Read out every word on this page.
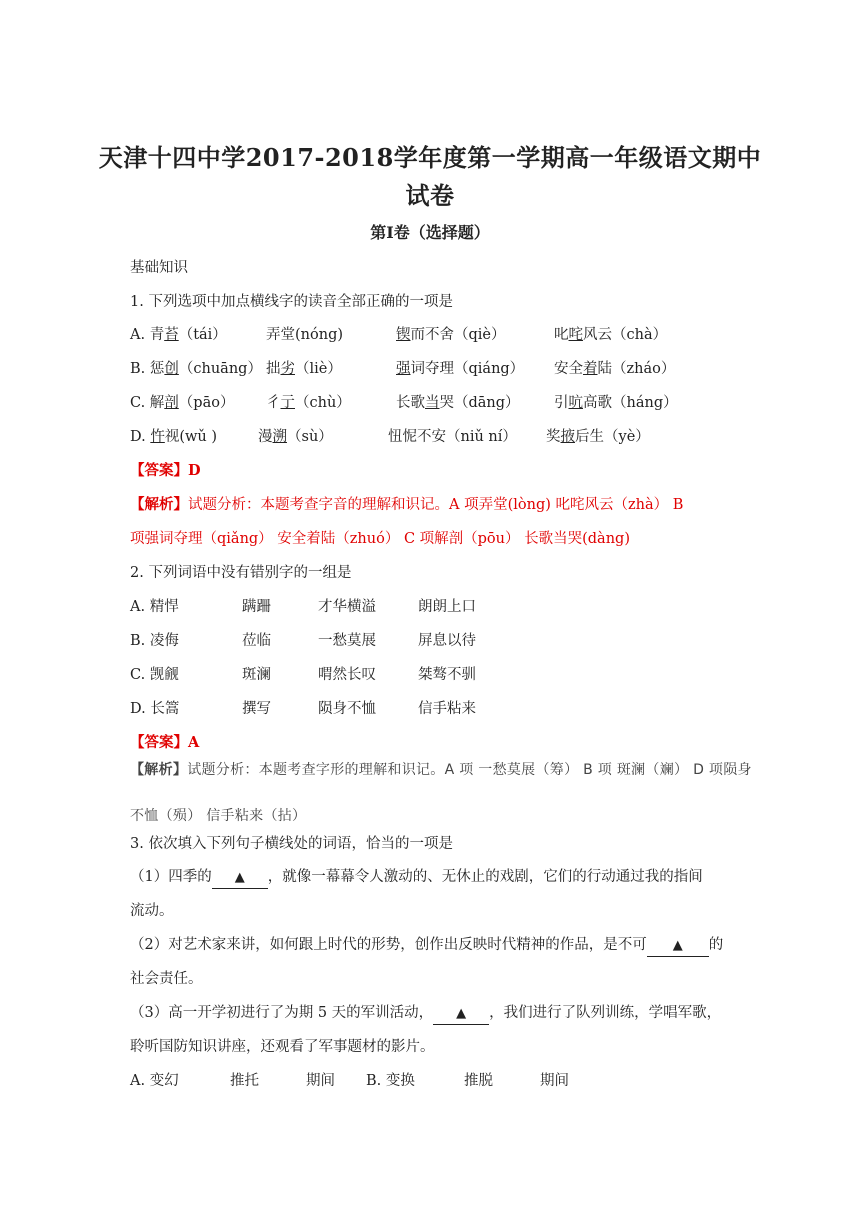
天津十四中学2017-2018学年度第一学期高一年级语文期中
试卷
第Ⅰ卷（选择题）
基础知识
1. 下列选项中加点横线字的读音全部正确的一项是
A. 青苔（tái）	弄堂(nóng)	锲而不舍（qiè）	叱咤风云（chà）
B. 惩创（chuāng） 拙劣（liè）	强词夺理（qiáng） 安全着陆（zháo）
C. 解剖（pāo） 彳亍（chù）	长歌当哭（dāng） 引吭高歌（háng）
D. 忤视(wǔ )	漫溯（sù）	忸怩不安（niǔ ní） 奖掖后生（yè）
【答案】D
【解析】试题分析：本题考查字音的理解和识记。A 项弄堂(lòng) 叱咤风云（zhà） B
项强词夺理（qiǎng） 安全着陆（zhuó） C 项解剖（pōu） 长歌当哭(dàng)
2. 下列词语中没有错别字的一组是
A. 精悍	蹒跚	才华横溢	朗朗上口
B. 凌侮	莅临	一愁莫展	屏息以待
C. 觊觎	斑澜	喟然长叹	桀骜不驯
D. 长篙	撰写	陨身不恤	信手粘来
【答案】A
【解析】试题分析：本题考查字形的理解和识记。A 项 一愁莫展（筹） B 项 斑澜（斓） D 项陨身
不恤（殒） 信手粘来（拈）
3. 依次填入下列句子横线处的词语，恰当的一项是
（1）四季的 ▲ ，就像一幕幕令人激动的、无休止的戏剧，它们的行动通过我的指间
流动。
（2）对艺术家来讲，如何跟上时代的形势，创作出反映时代精神的作品，是不可 ▲ 的
社会责任。
（3）高一开学初进行了为期 5 天的军训活动， ▲ ，我们进行了队列训练，学唱军歌，
聆听国防知识讲座，还观看了军事题材的影片。
A. 变幻	推托	期间 B. 变换	推脱	期间
